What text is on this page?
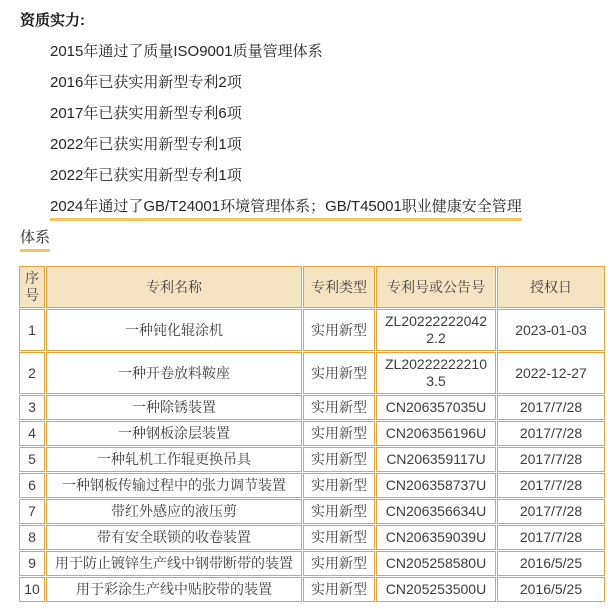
资质实力:
2015年通过了质量ISO9001质量管理体系
2016年已获实用新型专利2项
2017年已获实用新型专利6项
2022年已获实用新型专利1项
2022年已获实用新型专利1项
2024年通过了GB/T24001环境管理体系；GB/T45001职业健康安全管理
体系
序号	专利名称	专利类型	专利号或公告号	授权日
1	一种钝化辊涂机	实用新型	ZL202222220422.2	2023-01-03
2	一种开卷放料鞍座	实用新型	ZL202222222103.5	2022-12-27
3	一种除锈装置	实用新型	CN206357035U	2017/7/28
4	一种钢板涂层装置	实用新型	CN206356196U	2017/7/28
5	一种轧机工作辊更换吊具	实用新型	CN206359117U	2017/7/28
6	一种钢板传输过程中的张力调节装置	实用新型	CN206358737U	2017/7/28
7	带红外感应的液压剪	实用新型	CN206356634U	2017/7/28
8	带有安全联锁的收卷装置	实用新型	CN206359039U	2017/7/28
9	用于防止镀锌生产线中钢带断带的装置	实用新型	CN205258580U	2016/5/25
10	用于彩涂生产线中贴胶带的装置	实用新型	CN205253500U	2016/5/25
